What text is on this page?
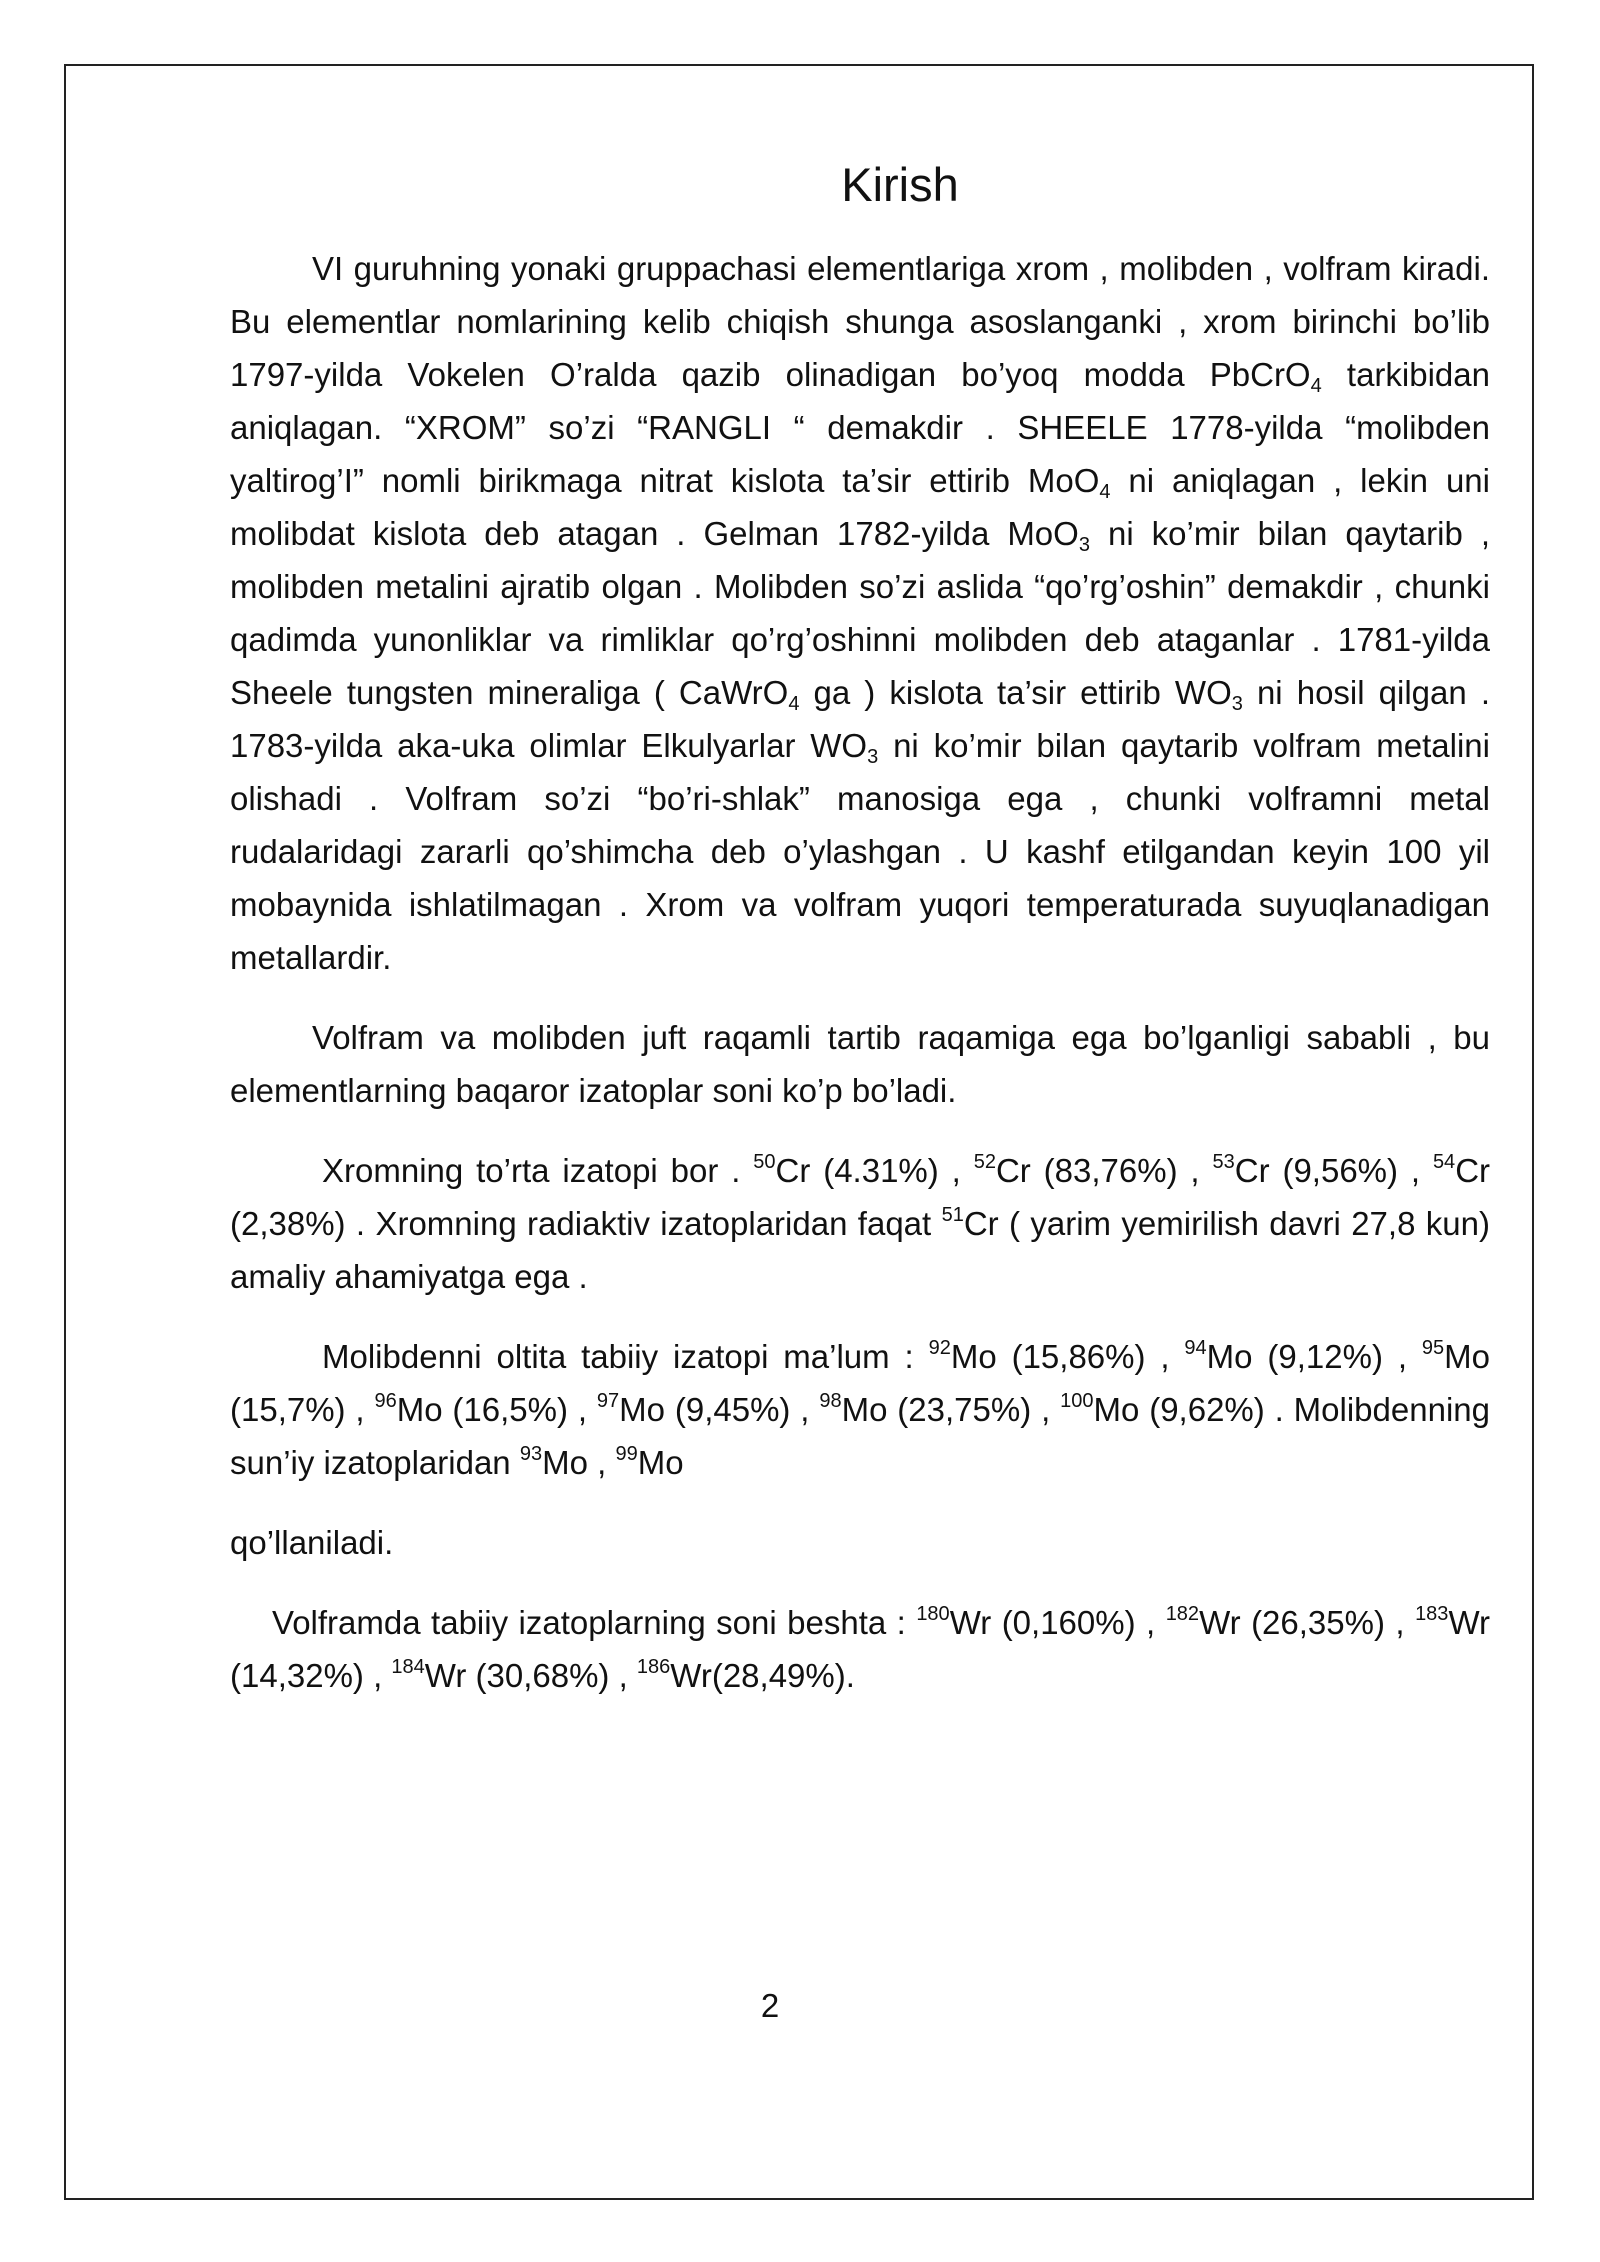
Kirish

VI guruhning yonaki gruppachasi elementlariga xrom , molibden , volfram kiradi. Bu elementlar nomlarining kelib chiqish shunga asoslanganki , xrom birinchi bo’lib 1797-yilda Vokelen O’ralda qazib olinadigan bo’yoq modda PbCrO$_4$ tarkibidan aniqlagan. “XROM” so’zi “RANGLI “ demakdir . SHEELE 1778-yilda “molibden yaltirog’I” nomli birikmaga nitrat kislota ta’sir ettirib MoO$_4$ ni aniqlagan , lekin uni molibdat kislota deb atagan . Gelman 1782-yilda MoO$_3$ ni ko’mir bilan qaytarib , molibden metalini ajratib olgan . Molibden so’zi aslida “qo’rg’oshin” demakdir , chunki qadimda yunonliklar va rimliklar qo’rg’oshinni molibden deb ataganlar . 1781-yilda Sheele tungsten mineraliga ( CaWrO$_4$ ga ) kislota ta’sir ettirib $WO_3$ ni hosil qilgan . 1783-yilda aka-uka olimlar Elkulyarlar $WO_3$ ni ko’mir bilan qaytarib volfram metalini olishadi . Volfram so’zi “bo’ri-shlak” manosiga ega , chunki volframni metal rudalaridagi zararli qo’shimcha deb o’ylashgan . U kashf etilgandan keyin 100 yil mobaynida ishlatilmagan . Xrom va volfram yuqori temperaturada suyuqlanadigan metallardir.

Volfram va molibden juft raqamli tartib raqamiga ega bo’lganligi sababli , bu elementlarning baqaror izatoplar soni ko’p bo’ladi.

Xromning to’rta izatopi bor . $^{50}$Cr (4.31%) , $^{52}$Cr (83,76%) , $^{53}$Cr (9,56%) , $^{54}$Cr (2,38%) . Xromning radiaktiv izatoplaridan faqat $^{51}$Cr ( yarim yemirilish davri 27,8 kun) amaliy ahamiyatga ega .

Molibdenni oltita tabiiy izatopi ma’lum : $^{92}$Mo (15,86%) , $^{94}$Mo (9,12%) , $^{95}$Mo (15,7%) , $^{96}$Mo (16,5%) , $^{97}$Mo (9,45%) , $^{98}$Mo (23,75%) , $^{100}$Mo (9,62%) . Molibdenning sun’iy izatoplaridan $^{93}$Mo , $^{99}$Mo

qo’llaniladi.

Volframda tabiiy izatoplarning soni beshta : $^{180}$Wr (0,160%) , $^{182}$Wr (26,35%) , $^{183}$Wr (14,32%) , $^{184}$Wr (30,68%) , $^{186}$Wr(28,49%).

2
